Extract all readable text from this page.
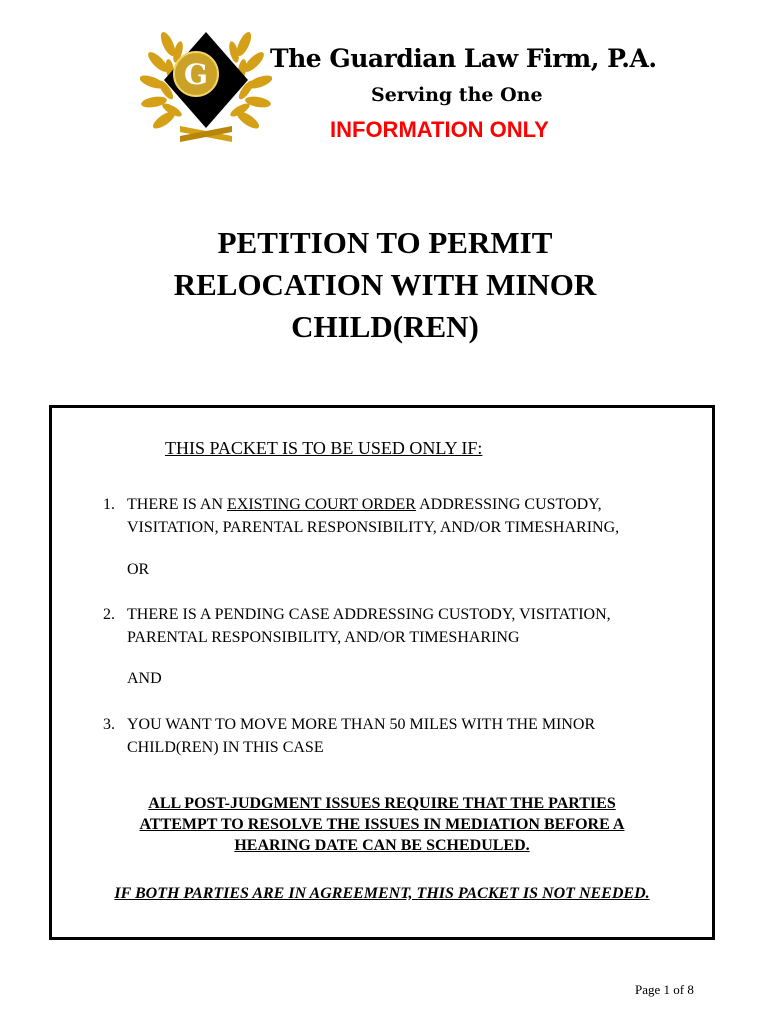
G The Guardian Law Firm, P.A.
Serving the One
INFORMATION ONLY
PETITION TO PERMIT
RELOCATION WITH MINOR
CHILD(REN)
THIS PACKET IS TO BE USED ONLY IF:
1. THERE IS AN EXISTING COURT ORDER ADDRESSING CUSTODY,
VISITATION, PARENTAL RESPONSIBILITY, AND/OR TIMESHARING,
OR
2. THERE IS A PENDING CASE ADDRESSING CUSTODY, VISITATION,
PARENTAL RESPONSIBILITY, AND/OR TIMESHARING
AND
3. YOU WANT TO MOVE MORE THAN 50 MILES WITH THE MINOR
CHILD(REN) IN THIS CASE
ALL POST-JUDGMENT ISSUES REQUIRE THAT THE PARTIES
ATTEMPT TO RESOLVE THE ISSUES IN MEDIATION BEFORE A
HEARING DATE CAN BE SCHEDULED.
IF BOTH PARTIES ARE IN AGREEMENT, THIS PACKET IS NOT NEEDED.
Page 1 of 8
